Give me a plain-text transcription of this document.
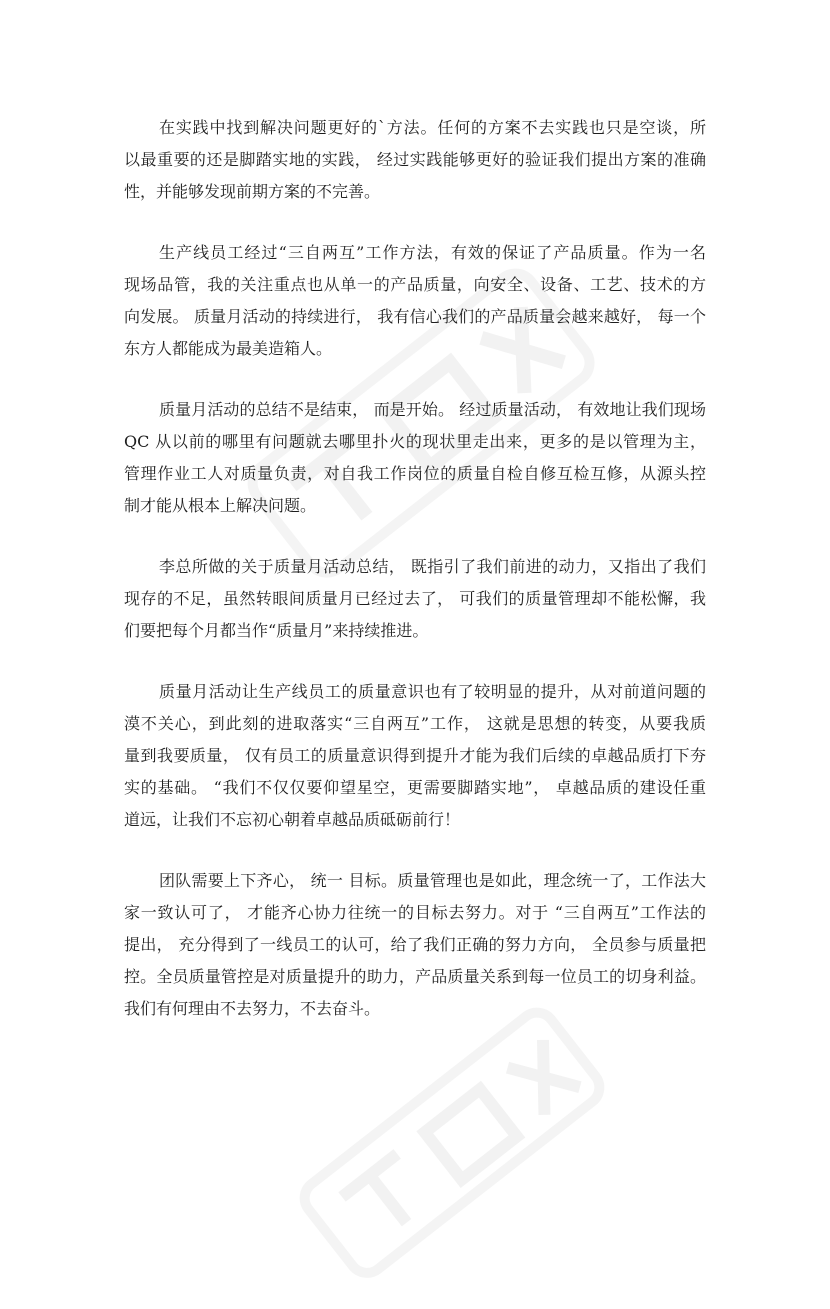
在实践中找到解决问题更好的`方法。任何的方案不去实践也只是空谈，所
以最重要的还是脚踏实地的实践， 经过实践能够更好的验证我们提出方案的准确
性，并能够发现前期方案的不完善。
生产线员工经过“三自两互”工作方法，有效的保证了产品质量。作为一名
现场品管，我的关注重点也从单一的产品质量，向安全、设备、工艺、技术的方
向发展。 质量月活动的持续进行， 我有信心我们的产品质量会越来越好， 每一个
东方人都能成为最美造箱人。
质量月活动的总结不是结束， 而是开始。 经过质量活动， 有效地让我们现场
QC 从以前的哪里有问题就去哪里扑火的现状里走出来，更多的是以管理为主，
管理作业工人对质量负责，对自我工作岗位的质量自检自修互检互修，从源头控
制才能从根本上解决问题。
李总所做的关于质量月活动总结， 既指引了我们前进的动力，又指出了我们
现存的不足，虽然转眼间质量月已经过去了， 可我们的质量管理却不能松懈，我
们要把每个月都当作“质量月”来持续推进。
质量月活动让生产线员工的质量意识也有了较明显的提升，从对前道问题的
漠不关心，到此刻的进取落实“三自两互”工作， 这就是思想的转变，从要我质
量到我要质量， 仅有员工的质量意识得到提升才能为我们后续的卓越品质打下夯
实的基础。 “我们不仅仅要仰望星空，更需要脚踏实地”， 卓越品质的建设任重
道远，让我们不忘初心朝着卓越品质砥砺前行！
团队需要上下齐心， 统一 目标。质量管理也是如此，理念统一了，工作法大
家一致认可了， 才能齐心协力往统一的目标去努力。对于 “三自两互”工作法的
提出， 充分得到了一线员工的认可，给了我们正确的努力方向， 全员参与质量把
控。全员质量管控是对质量提升的助力，产品质量关系到每一位员工的切身利益。
我们有何理由不去努力，不去奋斗。
